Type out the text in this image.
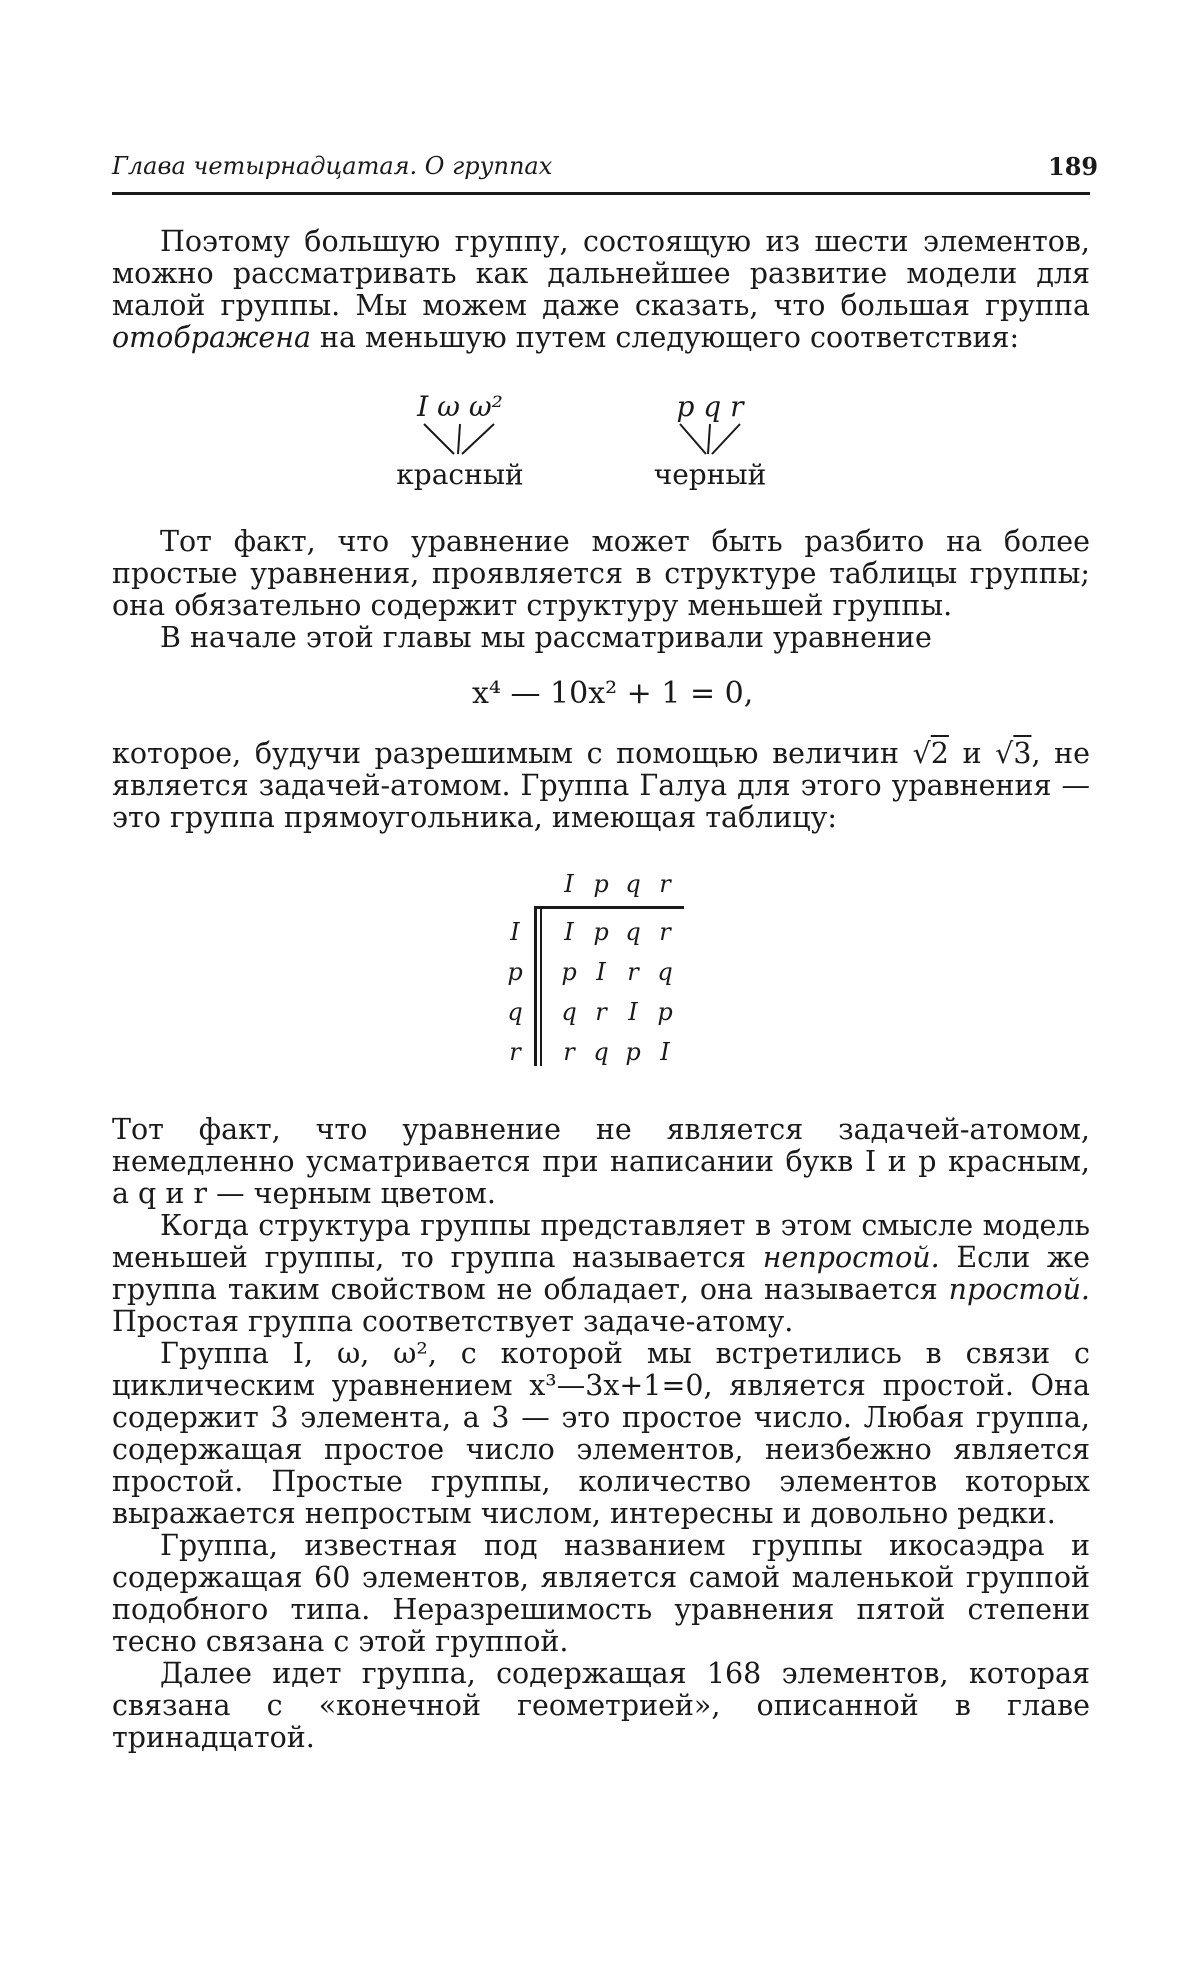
Глава четырнадцатая. О группах	189

Поэтому большую группу, состоящую из шести элементов, можно рассматривать как дальнейшее развитие модели для малой группы. Мы можем даже сказать, что большая группа отображена на меньшую путем следующего соответствия:

I ω ω²
красный
p q r
черный

Тот факт, что уравнение может быть разбито на более простые уравнения, проявляется в структуре таблицы группы; она обязательно содержит структуру меньшей группы.

В начале этой главы мы рассматривали уравнение

x⁴ — 10x² + 1 = 0,

которое, будучи разрешимым с помощью величин √2 и √3, не является задачей-атомом. Группа Галуа для этого уравнения — это группа прямоугольника, имеющая таблицу:

I p q r
I
p
q
r
I p q r
p I r q
q r I p
r q p I

Тот факт, что уравнение не является задачей-атомом, немедленно усматривается при написании букв I и p красным, а q и r — черным цветом.

Когда структура группы представляет в этом смысле модель меньшей группы, то группа называется непростой. Если же группа таким свойством не обладает, она называется простой. Простая группа соответствует задаче-атому.

Группа I, ω, ω², с которой мы встретились в связи с циклическим уравнением x³—3x+1=0, является простой. Она содержит 3 элемента, а 3 — это простое число. Любая группа, содержащая простое число элементов, неизбежно является простой. Простые группы, количество элементов которых выражается непростым числом, интересны и довольно редки.

Группа, известная под названием группы икосаэдра и содержащая 60 элементов, является самой маленькой группой подобного типа. Неразрешимость уравнения пятой степени тесно связана с этой группой.

Далее идет группа, содержащая 168 элементов, которая связана с «конечной геометрией», описанной в главе тринадцатой.
